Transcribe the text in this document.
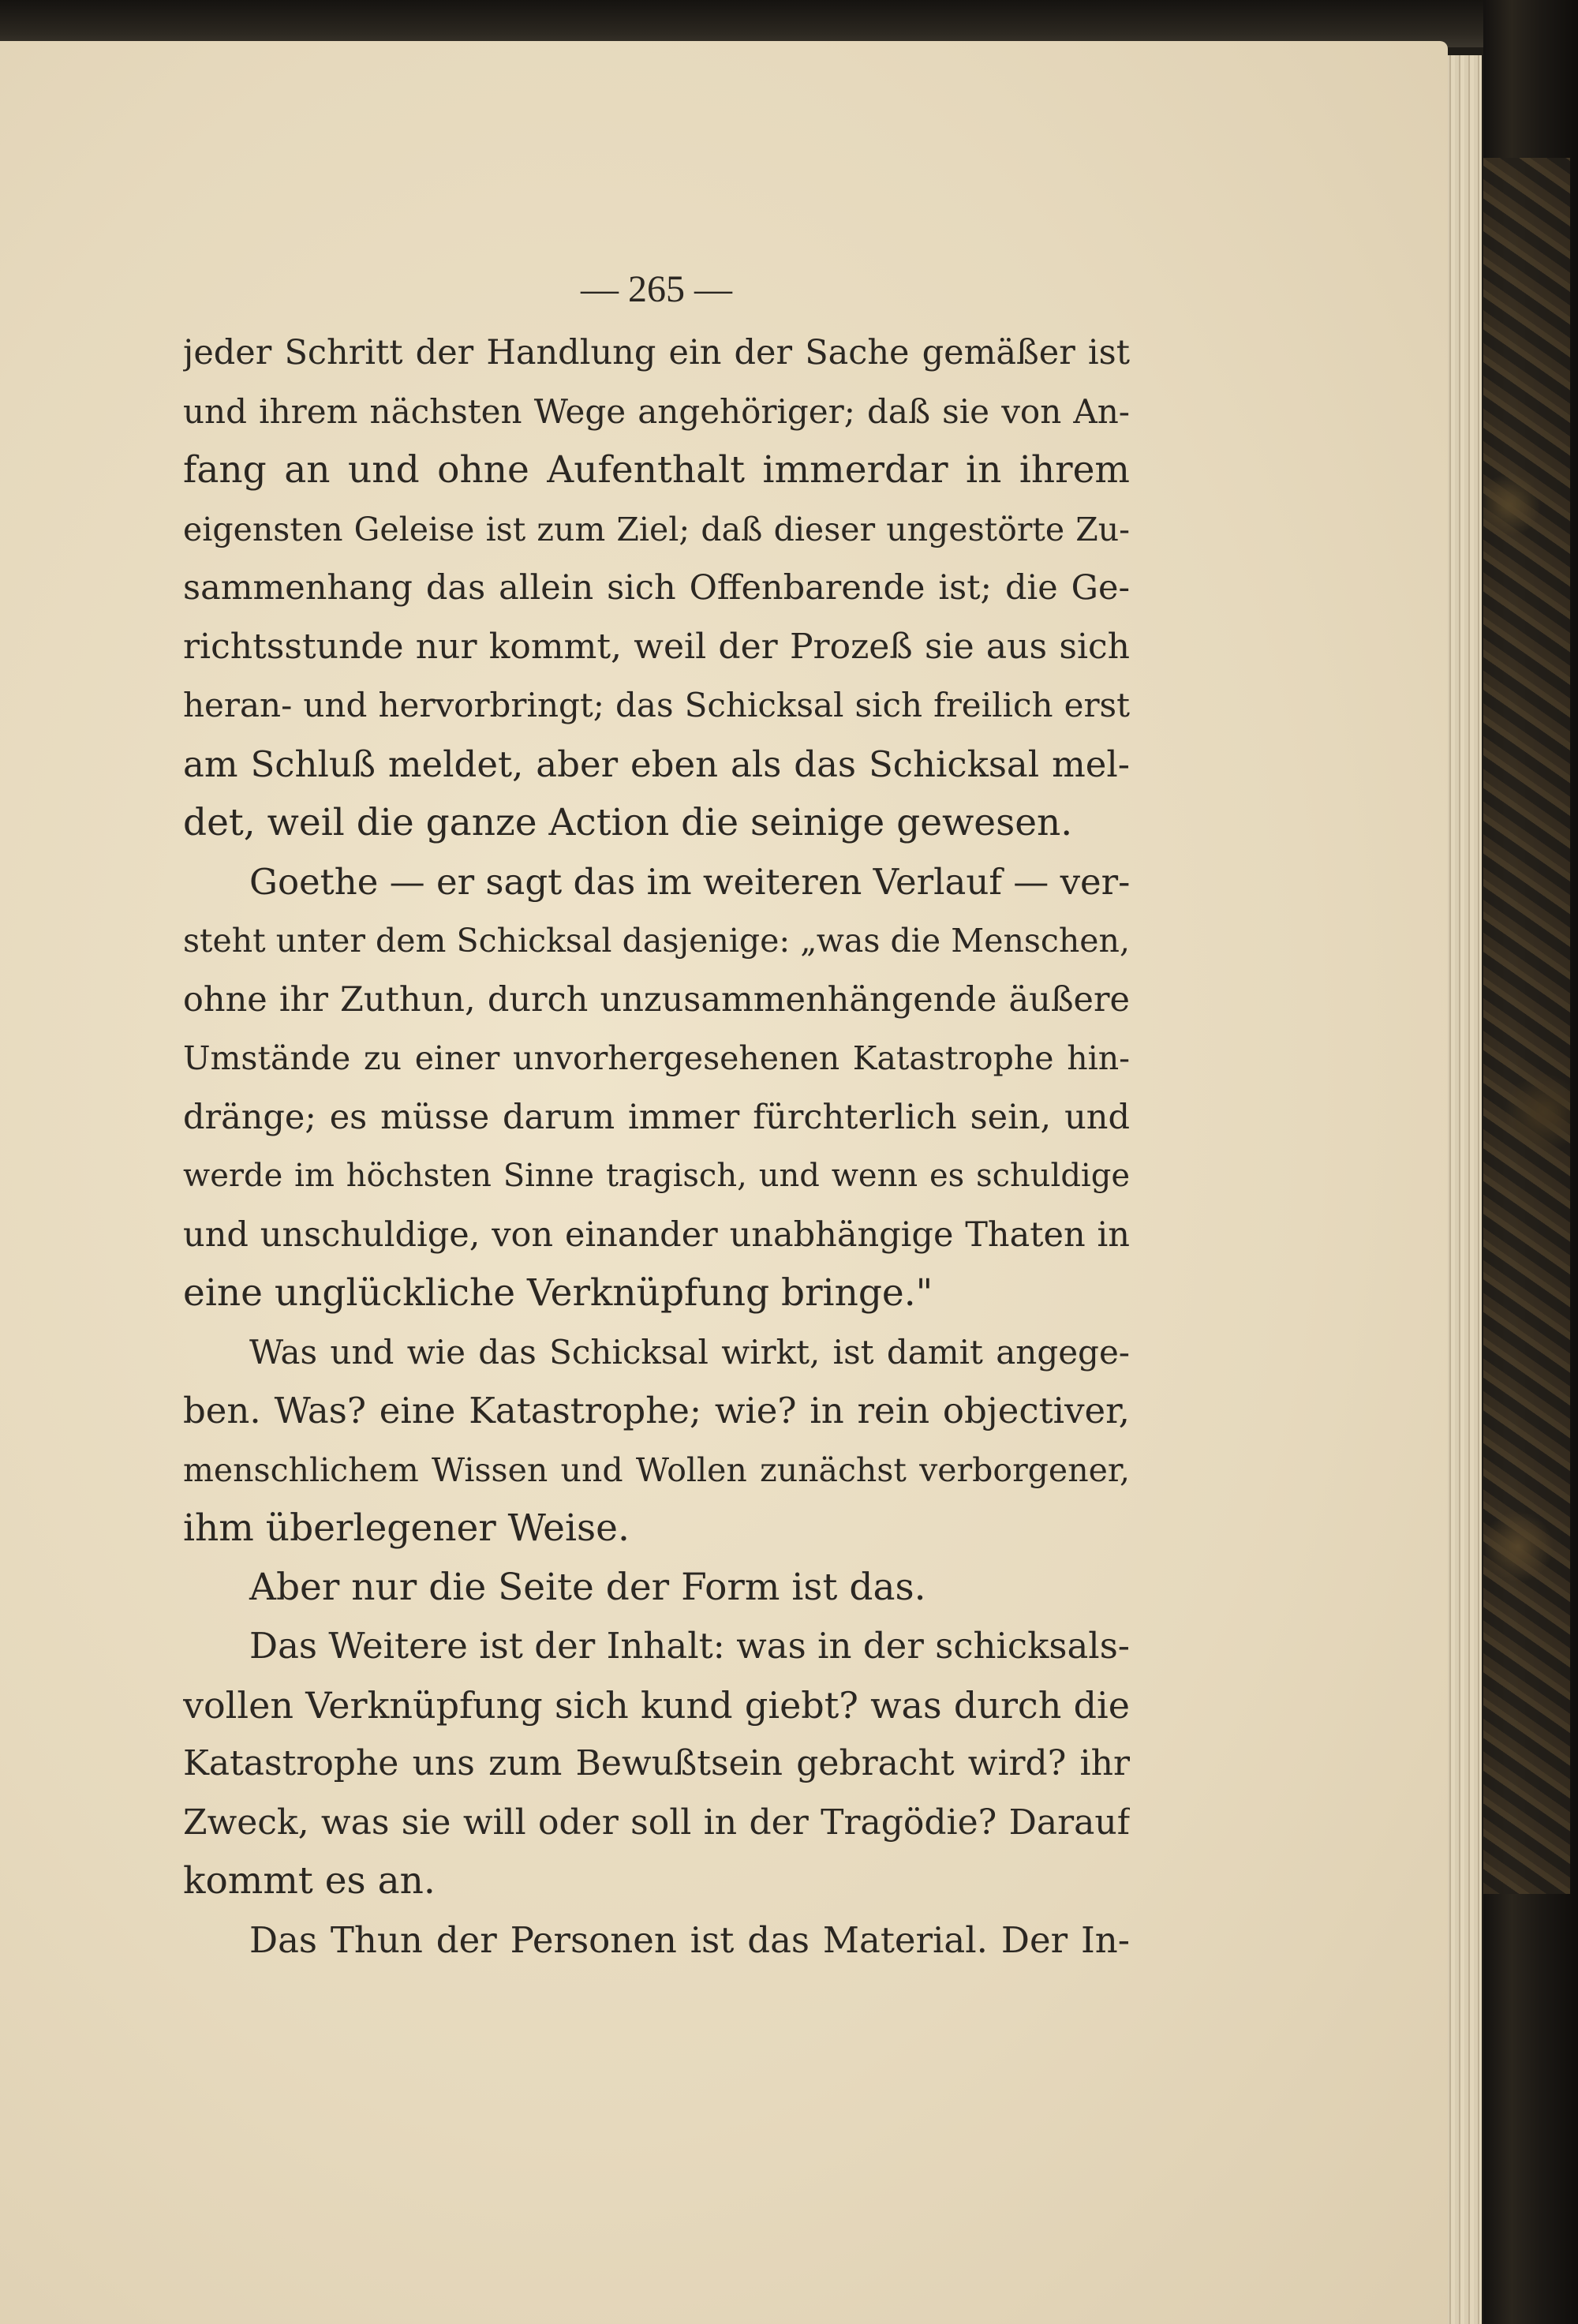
— 265 —
jeder Schritt der Handlung ein der Sache gemäßer ist
und ihrem nächsten Wege angehöriger; daß sie von An-
fang an und ohne Aufenthalt immerdar in ihrem
eigensten Geleise ist zum Ziel; daß dieser ungestörte Zu-
sammenhang das allein sich Offenbarende ist; die Ge-
richtsstunde nur kommt, weil der Prozeß sie aus sich
heran- und hervorbringt; das Schicksal sich freilich erst
am Schluß meldet, aber eben als das Schicksal mel-
det, weil die ganze Action die seinige gewesen.
Goethe — er sagt das im weiteren Verlauf — ver-
steht unter dem Schicksal dasjenige: „was die Menschen,
ohne ihr Zuthun, durch unzusammenhängende äußere
Umstände zu einer unvorhergesehenen Katastrophe hin-
dränge; es müsse darum immer fürchterlich sein, und
werde im höchsten Sinne tragisch, und wenn es schuldige
und unschuldige, von einander unabhängige Thaten in
eine unglückliche Verknüpfung bringe."
Was und wie das Schicksal wirkt, ist damit angege-
ben. Was? eine Katastrophe; wie? in rein objectiver,
menschlichem Wissen und Wollen zunächst verborgener,
ihm überlegener Weise.
Aber nur die Seite der Form ist das.
Das Weitere ist der Inhalt: was in der schicksals-
vollen Verknüpfung sich kund giebt? was durch die
Katastrophe uns zum Bewußtsein gebracht wird? ihr
Zweck, was sie will oder soll in der Tragödie? Darauf
kommt es an.
Das Thun der Personen ist das Material. Der In-
